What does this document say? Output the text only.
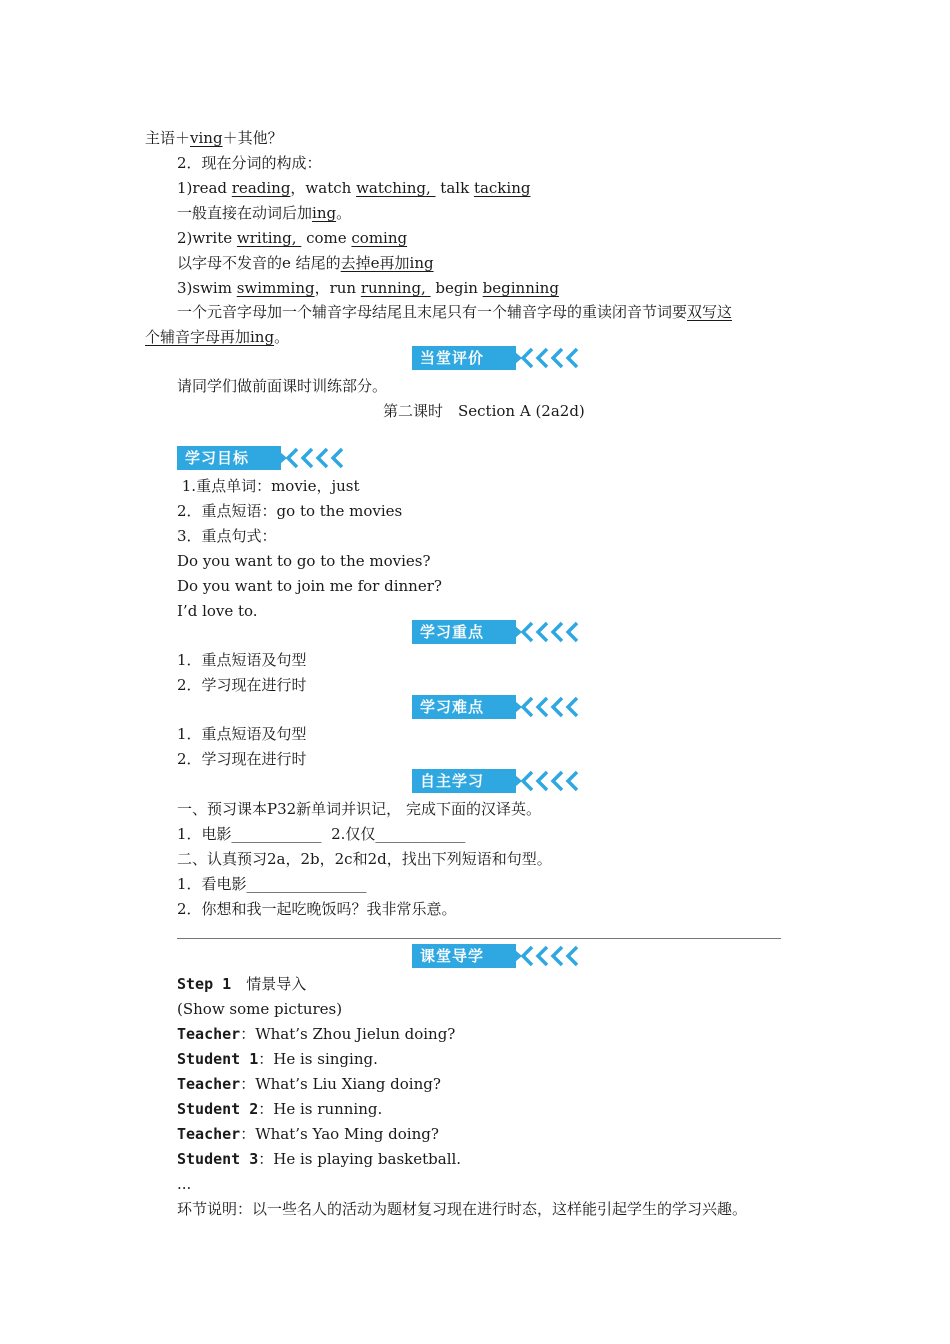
主语＋ving＋其他？
2．现在分词的构成：
1)read reading，watch watching,  talk tacking
一般直接在动词后加ing。
2)write writing,  come coming
以字母不发音的e 结尾的去掉e再加ing
3)swim swimming，run running,  begin beginning
一个元音字母加一个辅音字母结尾且末尾只有一个辅音字母的重读闭音节词要双写这
个辅音字母再加ing。
当堂评价
请同学们做前面课时训练部分。
第二课时　Section A (2a2d)
学习目标
1.重点单词：movie，just
2．重点短语：go to the movies
3．重点句式：
Do you want to go to the movies?
Do you want to join me for dinner?
I’d love to.
学习重点
1．重点短语及句型
2．学习现在进行时
学习难点
1．重点短语及句型
2．学习现在进行时
自主学习
一、预习课本P32新单词并识记， 完成下面的汉译英。
1．电影____________  2.仅仅____________
二、认真预习2a，2b，2c和2d，找出下列短语和句型。
1．看电影________________
2．你想和我一起吃晚饭吗？我非常乐意。
课堂导学
Step 1　情景导入
(Show some pictures)
Teacher：What’s Zhou Jielun doing?
Student 1：He is singing.
Teacher：What’s Liu Xiang doing?
Student 2：He is running.
Teacher：What’s Yao Ming doing?
Student 3：He is playing basketball.
...
环节说明：以一些名人的活动为题材复习现在进行时态，这样能引起学生的学习兴趣。
